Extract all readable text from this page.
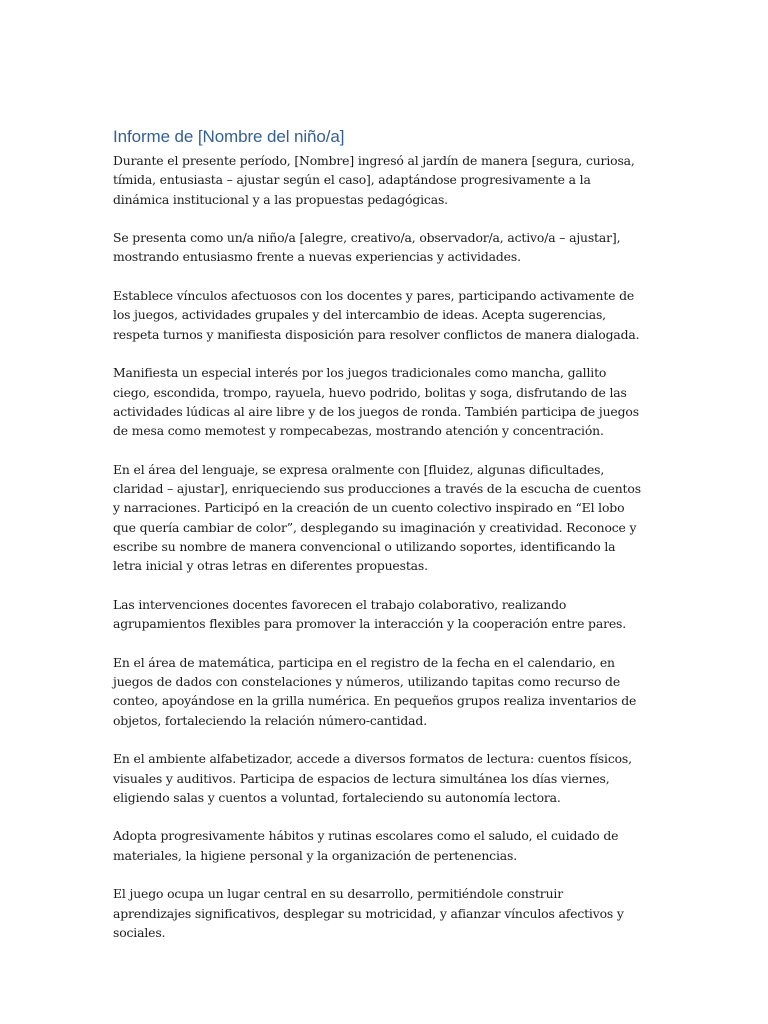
Informe de [Nombre del niño/a]

Durante el presente período, [Nombre] ingresó al jardín de manera [segura, curiosa, tímida, entusiasta – ajustar según el caso], adaptándose progresivamente a la dinámica institucional y a las propuestas pedagógicas.

Se presenta como un/a niño/a [alegre, creativo/a, observador/a, activo/a – ajustar], mostrando entusiasmo frente a nuevas experiencias y actividades.

Establece vínculos afectuosos con los docentes y pares, participando activamente de los juegos, actividades grupales y del intercambio de ideas. Acepta sugerencias, respeta turnos y manifiesta disposición para resolver conflictos de manera dialogada.

Manifiesta un especial interés por los juegos tradicionales como mancha, gallito ciego, escondida, trompo, rayuela, huevo podrido, bolitas y soga, disfrutando de las actividades lúdicas al aire libre y de los juegos de ronda. También participa de juegos de mesa como memotest y rompecabezas, mostrando atención y concentración.

En el área del lenguaje, se expresa oralmente con [fluidez, algunas dificultades, claridad – ajustar], enriqueciendo sus producciones a través de la escucha de cuentos y narraciones. Participó en la creación de un cuento colectivo inspirado en “El lobo que quería cambiar de color”, desplegando su imaginación y creatividad. Reconoce y escribe su nombre de manera convencional o utilizando soportes, identificando la letra inicial y otras letras en diferentes propuestas.

Las intervenciones docentes favorecen el trabajo colaborativo, realizando agrupamientos flexibles para promover la interacción y la cooperación entre pares.

En el área de matemática, participa en el registro de la fecha en el calendario, en juegos de dados con constelaciones y números, utilizando tapitas como recurso de conteo, apoyándose en la grilla numérica. En pequeños grupos realiza inventarios de objetos, fortaleciendo la relación número-cantidad.

En el ambiente alfabetizador, accede a diversos formatos de lectura: cuentos físicos, visuales y auditivos. Participa de espacios de lectura simultánea los días viernes, eligiendo salas y cuentos a voluntad, fortaleciendo su autonomía lectora.

Adopta progresivamente hábitos y rutinas escolares como el saludo, el cuidado de materiales, la higiene personal y la organización de pertenencias.

El juego ocupa un lugar central en su desarrollo, permitiéndole construir aprendizajes significativos, desplegar su motricidad, y afianzar vínculos afectivos y sociales.
